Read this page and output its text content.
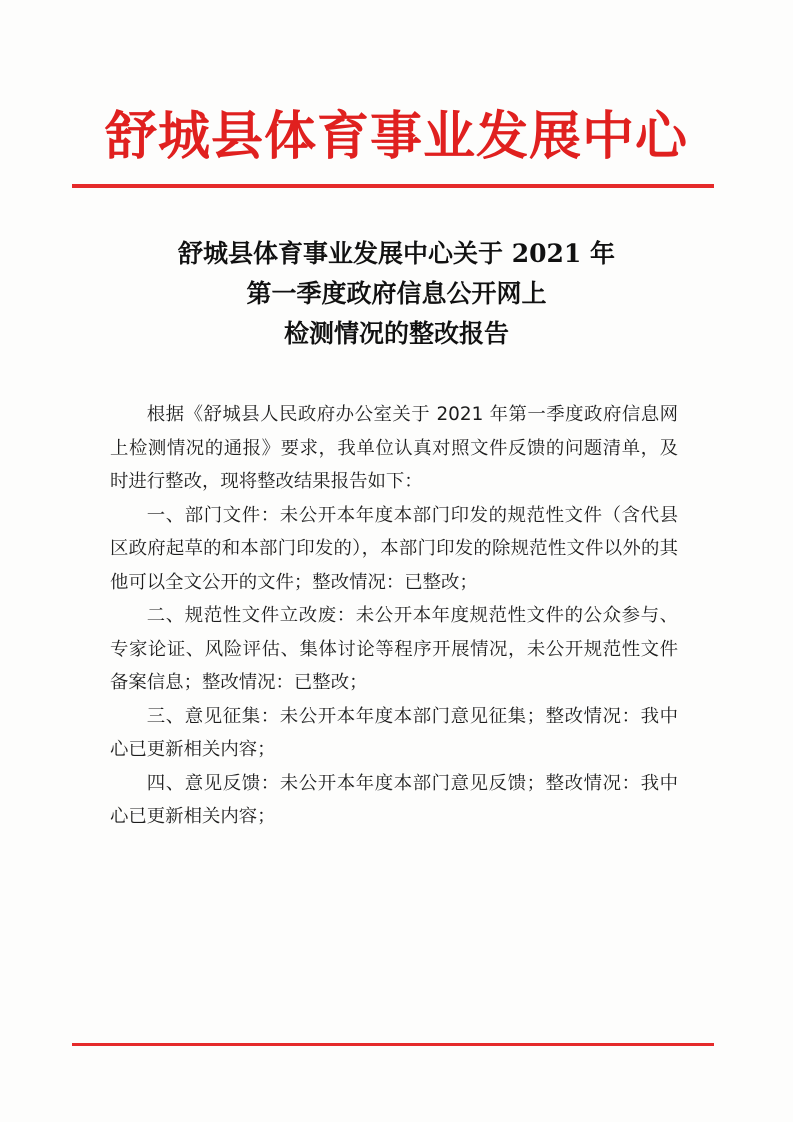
舒城县体育事业发展中心
舒城县体育事业发展中心关于 2021 年
第一季度政府信息公开网上
检测情况的整改报告

根据《舒城县人民政府办公室关于 2021 年第一季度政府信息网上检测情况的通报》要求，我单位认真对照文件反馈的问题清单，及时进行整改，现将整改结果报告如下：

一、部门文件：未公开本年度本部门印发的规范性文件（含代县区政府起草的和本部门印发的），本部门印发的除规范性文件以外的其他可以全文公开的文件；整改情况：已整改；

二、规范性文件立改废：未公开本年度规范性文件的公众参与、专家论证、风险评估、集体讨论等程序开展情况，未公开规范性文件备案信息；整改情况：已整改；

三、意见征集：未公开本年度本部门意见征集；整改情况：我中心已更新相关内容；

四、意见反馈：未公开本年度本部门意见反馈；整改情况：我中心已更新相关内容；
